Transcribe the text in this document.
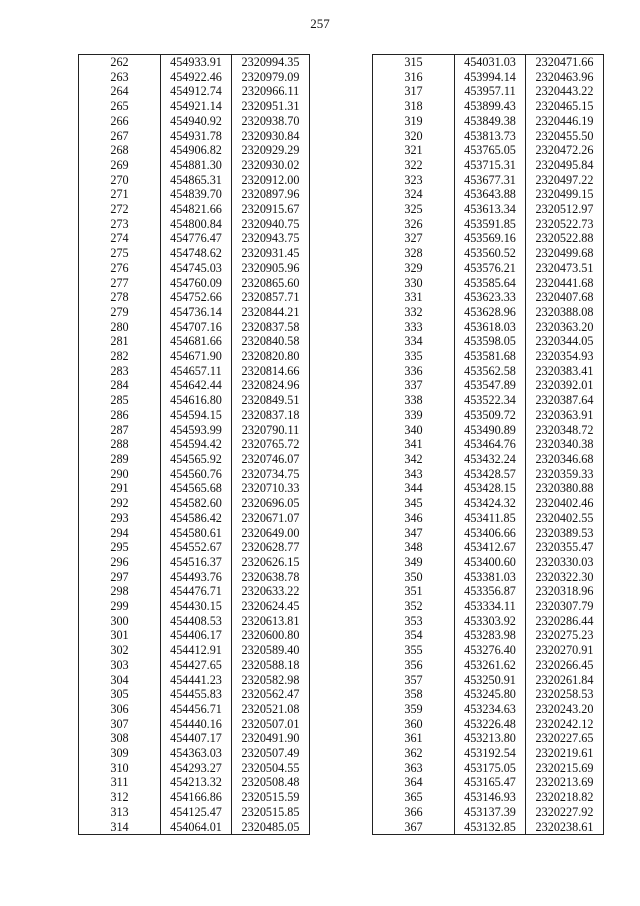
257
262	454933.91	2320994.35
263	454922.46	2320979.09
264	454912.74	2320966.11
265	454921.14	2320951.31
266	454940.92	2320938.70
267	454931.78	2320930.84
268	454906.82	2320929.29
269	454881.30	2320930.02
270	454865.31	2320912.00
271	454839.70	2320897.96
272	454821.66	2320915.67
273	454800.84	2320940.75
274	454776.47	2320943.75
275	454748.62	2320931.45
276	454745.03	2320905.96
277	454760.09	2320865.60
278	454752.66	2320857.71
279	454736.14	2320844.21
280	454707.16	2320837.58
281	454681.66	2320840.58
282	454671.90	2320820.80
283	454657.11	2320814.66
284	454642.44	2320824.96
285	454616.80	2320849.51
286	454594.15	2320837.18
287	454593.99	2320790.11
288	454594.42	2320765.72
289	454565.92	2320746.07
290	454560.76	2320734.75
291	454565.68	2320710.33
292	454582.60	2320696.05
293	454586.42	2320671.07
294	454580.61	2320649.00
295	454552.67	2320628.77
296	454516.37	2320626.15
297	454493.76	2320638.78
298	454476.71	2320633.22
299	454430.15	2320624.45
300	454408.53	2320613.81
301	454406.17	2320600.80
302	454412.91	2320589.40
303	454427.65	2320588.18
304	454441.23	2320582.98
305	454455.83	2320562.47
306	454456.71	2320521.08
307	454440.16	2320507.01
308	454407.17	2320491.90
309	454363.03	2320507.49
310	454293.27	2320504.55
311	454213.32	2320508.48
312	454166.86	2320515.59
313	454125.47	2320515.85
314	454064.01	2320485.05
315	454031.03	2320471.66
316	453994.14	2320463.96
317	453957.11	2320443.22
318	453899.43	2320465.15
319	453849.38	2320446.19
320	453813.73	2320455.50
321	453765.05	2320472.26
322	453715.31	2320495.84
323	453677.31	2320497.22
324	453643.88	2320499.15
325	453613.34	2320512.97
326	453591.85	2320522.73
327	453569.16	2320522.88
328	453560.52	2320499.68
329	453576.21	2320473.51
330	453585.64	2320441.68
331	453623.33	2320407.68
332	453628.96	2320388.08
333	453618.03	2320363.20
334	453598.05	2320344.05
335	453581.68	2320354.93
336	453562.58	2320383.41
337	453547.89	2320392.01
338	453522.34	2320387.64
339	453509.72	2320363.91
340	453490.89	2320348.72
341	453464.76	2320340.38
342	453432.24	2320346.68
343	453428.57	2320359.33
344	453428.15	2320380.88
345	453424.32	2320402.46
346	453411.85	2320402.55
347	453406.66	2320389.53
348	453412.67	2320355.47
349	453400.60	2320330.03
350	453381.03	2320322.30
351	453356.87	2320318.96
352	453334.11	2320307.79
353	453303.92	2320286.44
354	453283.98	2320275.23
355	453276.40	2320270.91
356	453261.62	2320266.45
357	453250.91	2320261.84
358	453245.80	2320258.53
359	453234.63	2320243.20
360	453226.48	2320242.12
361	453213.80	2320227.65
362	453192.54	2320219.61
363	453175.05	2320215.69
364	453165.47	2320213.69
365	453146.93	2320218.82
366	453137.39	2320227.92
367	453132.85	2320238.61
